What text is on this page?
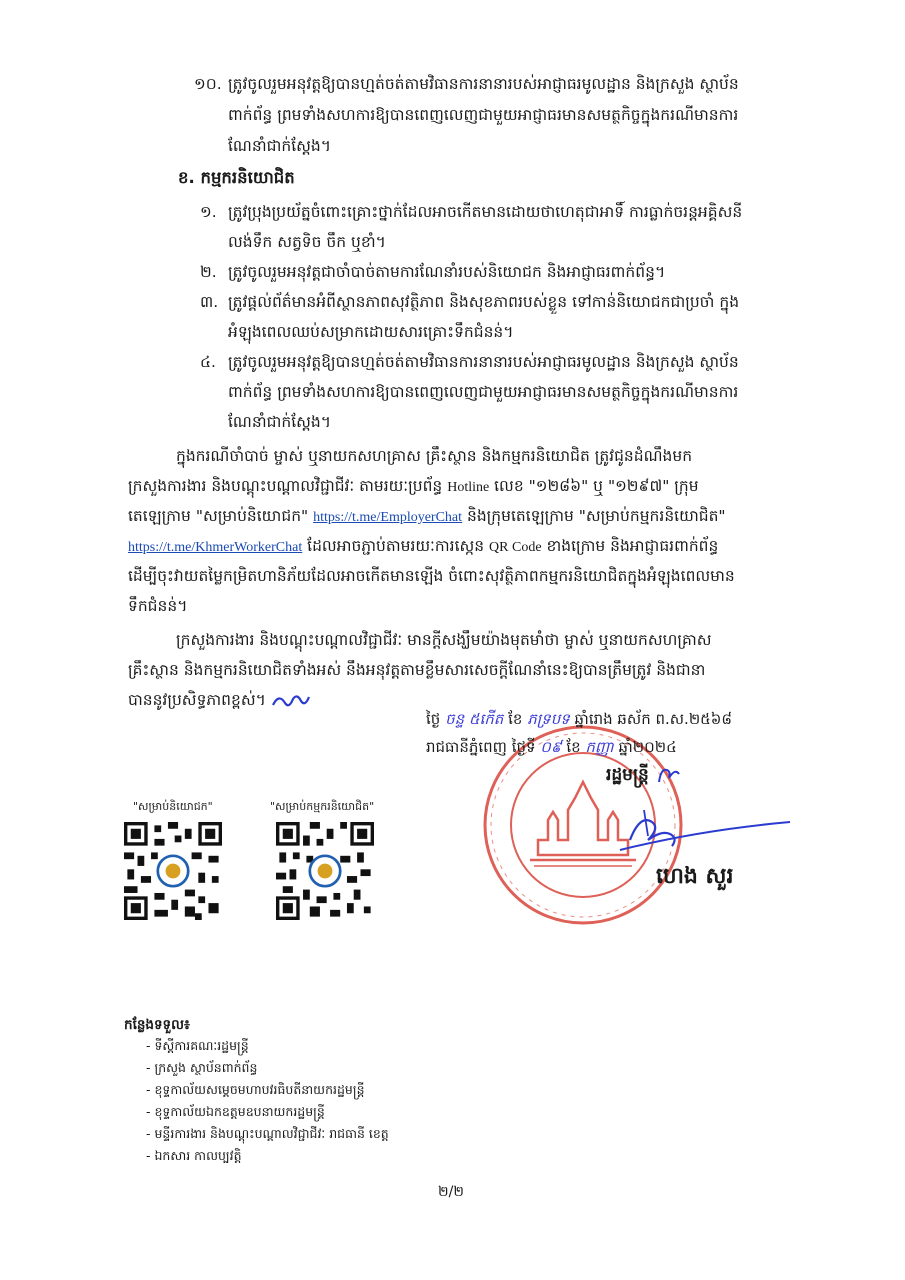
១០. ត្រូវចូលរួមអនុវត្តឱ្យបានហ្មត់ចត់តាមវិធានការនានារបស់អាជ្ញាធរមូលដ្ឋាន និងក្រសួង ស្ថាប័ន
ពាក់ព័ន្ធ ព្រមទាំងសហការឱ្យបានពេញលេញជាមួយអាជ្ញាធរមានសមត្ថកិច្ចក្នុងករណីមានការ
ណែនាំជាក់ស្តែង។
ខ. កម្មករនិយោជិត
១. ត្រូវប្រុងប្រយ័ត្នចំពោះគ្រោះថ្នាក់ដែលអាចកើតមានដោយថាហេតុជាអាទិ៍ ការធ្លាក់ចរន្តអគ្គិសនី
លង់ទឹក សត្វទិច ចឹក ឬខាំ។
២. ត្រូវចូលរួមអនុវត្តជាចាំបាច់តាមការណែនាំរបស់និយោជក និងអាជ្ញាធរពាក់ព័ន្ធ។
៣. ត្រូវផ្តល់ព័ត៌មានអំពីស្ថានភាពសុវត្ថិភាព និងសុខភាពរបស់ខ្លួន ទៅកាន់និយោជកជាប្រចាំ ក្នុង
អំឡុងពេលឈប់សម្រាកដោយសារគ្រោះទឹកជំនន់។
៤. ត្រូវចូលរួមអនុវត្តឱ្យបានហ្មត់ចត់តាមវិធានការនានារបស់អាជ្ញាធរមូលដ្ឋាន និងក្រសួង ស្ថាប័ន
ពាក់ព័ន្ធ ព្រមទាំងសហការឱ្យបានពេញលេញជាមួយអាជ្ញាធរមានសមត្ថកិច្ចក្នុងករណីមានការ
ណែនាំជាក់ស្តែង។
ក្នុងករណីចាំបាច់ ម្ចាស់ ឬនាយកសហគ្រាស គ្រឹះស្ថាន និងកម្មករនិយោជិត ត្រូវជូនដំណឹងមក
ក្រសួងការងារ និងបណ្តុះបណ្តាលវិជ្ជាជីវៈ តាមរយៈប្រព័ន្ធ Hotline លេខ "១២៨៦" ឬ "១២៩៧" ក្រុម
តេឡេក្រាម "សម្រាប់និយោជក" https://t.me/EmployerChat និងក្រុមតេឡេក្រាម "សម្រាប់កម្មករនិយោជិត"
https://t.me/KhmerWorkerChat ដែលអាចភ្ជាប់តាមរយៈការស្កេន QR Code ខាងក្រោម និងអាជ្ញាធរពាក់ព័ន្ធ
ដើម្បីចុះវាយតម្លៃកម្រិតហានិភ័យដែលអាចកើតមានឡើង ចំពោះសុវត្ថិភាពកម្មករនិយោជិតក្នុងអំឡុងពេលមាន
ទឹកជំនន់។
ក្រសួងការងារ និងបណ្តុះបណ្តាលវិជ្ជាជីវៈ មានក្តីសង្ឃឹមយ៉ាងមុតមាំថា ម្ចាស់ ឬនាយកសហគ្រាស
គ្រឹះស្ថាន និងកម្មករនិយោជិតទាំងអស់ នឹងអនុវត្តតាមខ្លឹមសារសេចក្តីណែនាំនេះឱ្យបានត្រឹមត្រូវ និងជានា
បាននូវប្រសិទ្ធភាពខ្ពស់។
ថ្ងៃ ចន្ទ ៥កើត ខែ ភទ្របទ ឆ្នាំរោង ឆស័ក ព.ស.២៥៦៨
រាជធានីភ្នំពេញ ថ្ងៃទី ០៩ ខែ កញ្ញា ឆ្នាំ២០២៤
រដ្ឋមន្ត្រី
ហេង សួរ
"សម្រាប់និយោជក"	"សម្រាប់កម្មករនិយោជិត"
កន្លែងទទួល៖
- ទីស្តីការគណៈរដ្ឋមន្ត្រី
- ក្រសួង ស្ថាប័នពាក់ព័ន្ធ
- ខុទ្ទកាល័យសម្តេចមហាបវរធិបតីនាយករដ្ឋមន្ត្រី
- ខុទ្ទកាល័យឯកឧត្តមឧបនាយករដ្ឋមន្ត្រី
- មន្ទីរការងារ និងបណ្តុះបណ្តាលវិជ្ជាជីវៈ រាជធានី ខេត្ត
- ឯកសារ កាលប្បវត្តិ
២/២
